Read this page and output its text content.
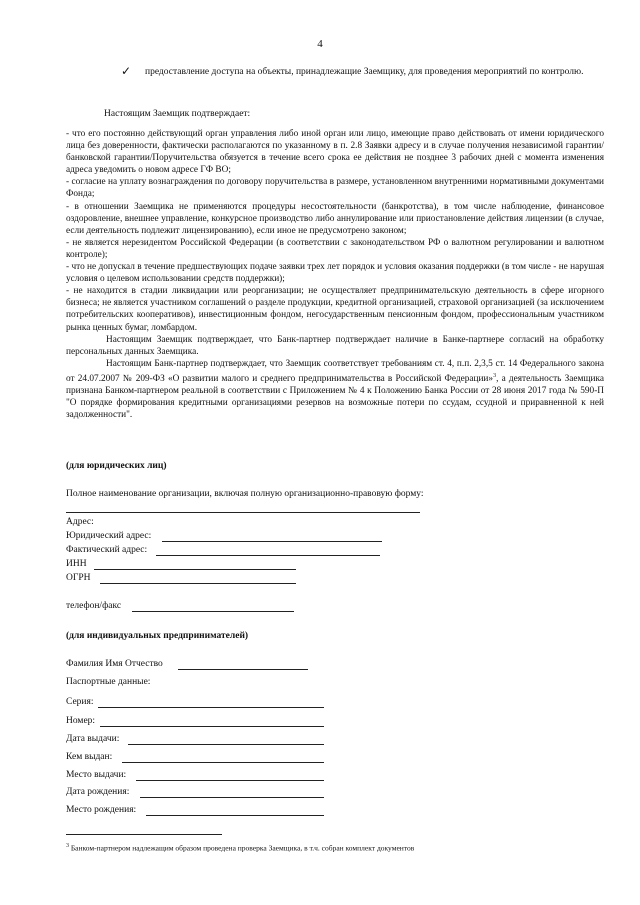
4
✓ предоставление доступа на объекты, принадлежащие Заемщику, для проведения мероприятий по контролю.
Настоящим Заемщик подтверждает:

- что его постоянно действующий орган управления либо иной орган или лицо, имеющие право действовать от имени юридического лица без доверенности, фактически располагаются по указанному в п. 2.8 Заявки адресу и в случае получения независимой гарантии/банковской гарантии/Поручительства обязуется в течение всего срока ее действия не позднее 3 рабочих дней с момента изменения адреса уведомить о новом адресе ГФ ВО;

- согласие на уплату вознаграждения по договору поручительства в размере, установленном внутренними нормативными документами Фонда;

- в отношении Заемщика не применяются процедуры несостоятельности (банкротства), в том числе наблюдение, финансовое оздоровление, внешнее управление, конкурсное производство либо аннулирование или приостановление действия лицензии (в случае, если деятельность подлежит лицензированию), если иное не предусмотрено законом;

- не является нерезидентом Российской Федерации (в соответствии с законодательством РФ о валютном регулировании и валютном контроле);

- что не допускал в течение предшествующих подаче заявки трех лет порядок и условия оказания поддержки (в том числе - не нарушая условия о целевом использовании средств поддержки);

- не находится в стадии ликвидации или реорганизации; не осуществляет предпринимательскую деятельность в сфере игорного бизнеса; не является участником соглашений о разделе продукции, кредитной организацией, страховой организацией (за исключением потребительских кооперативов), инвестиционным фондом, негосударственным пенсионным фондом, профессиональным участником рынка ценных бумаг, ломбардом.

Настоящим Заемщик подтверждает, что Банк-партнер подтверждает наличие в Банке-партнере согласий на обработку персональных данных Заемщика.

Настоящим Банк-партнер подтверждает, что Заемщик соответствует требованиям ст. 4, п.п. 2,3,5 ст. 14 Федерального закона от 24.07.2007 № 209-ФЗ «О развитии малого и среднего предпринимательства в Российской Федерации»$^3$, а деятельность Заемщика признана Банком-партнером реальной в соответствии с Приложением № 4 к Положению Банка России от 28 июня 2017 года № 590-П "О порядке формирования кредитными организациями резервов на возможные потери по ссудам, ссудной и приравненной к ней задолженности".

(для юридических лиц)
Полное наименование организации, включая полную организационно-правовую форму:
Адрес:
Юридический адрес:
Фактический адрес:
ИНН
ОГРН
телефон/факс
(для индивидуальных предпринимателей)
Фамилия Имя Отчество
Паспортные данные:
Серия:
Номер:
Дата выдачи:
Кем выдан:
Место выдачи:
Дата рождения:
Место рождения:
$^3$ Банком-партнером надлежащим образом проведена проверка Заемщика, в т.ч. собран комплект документов
